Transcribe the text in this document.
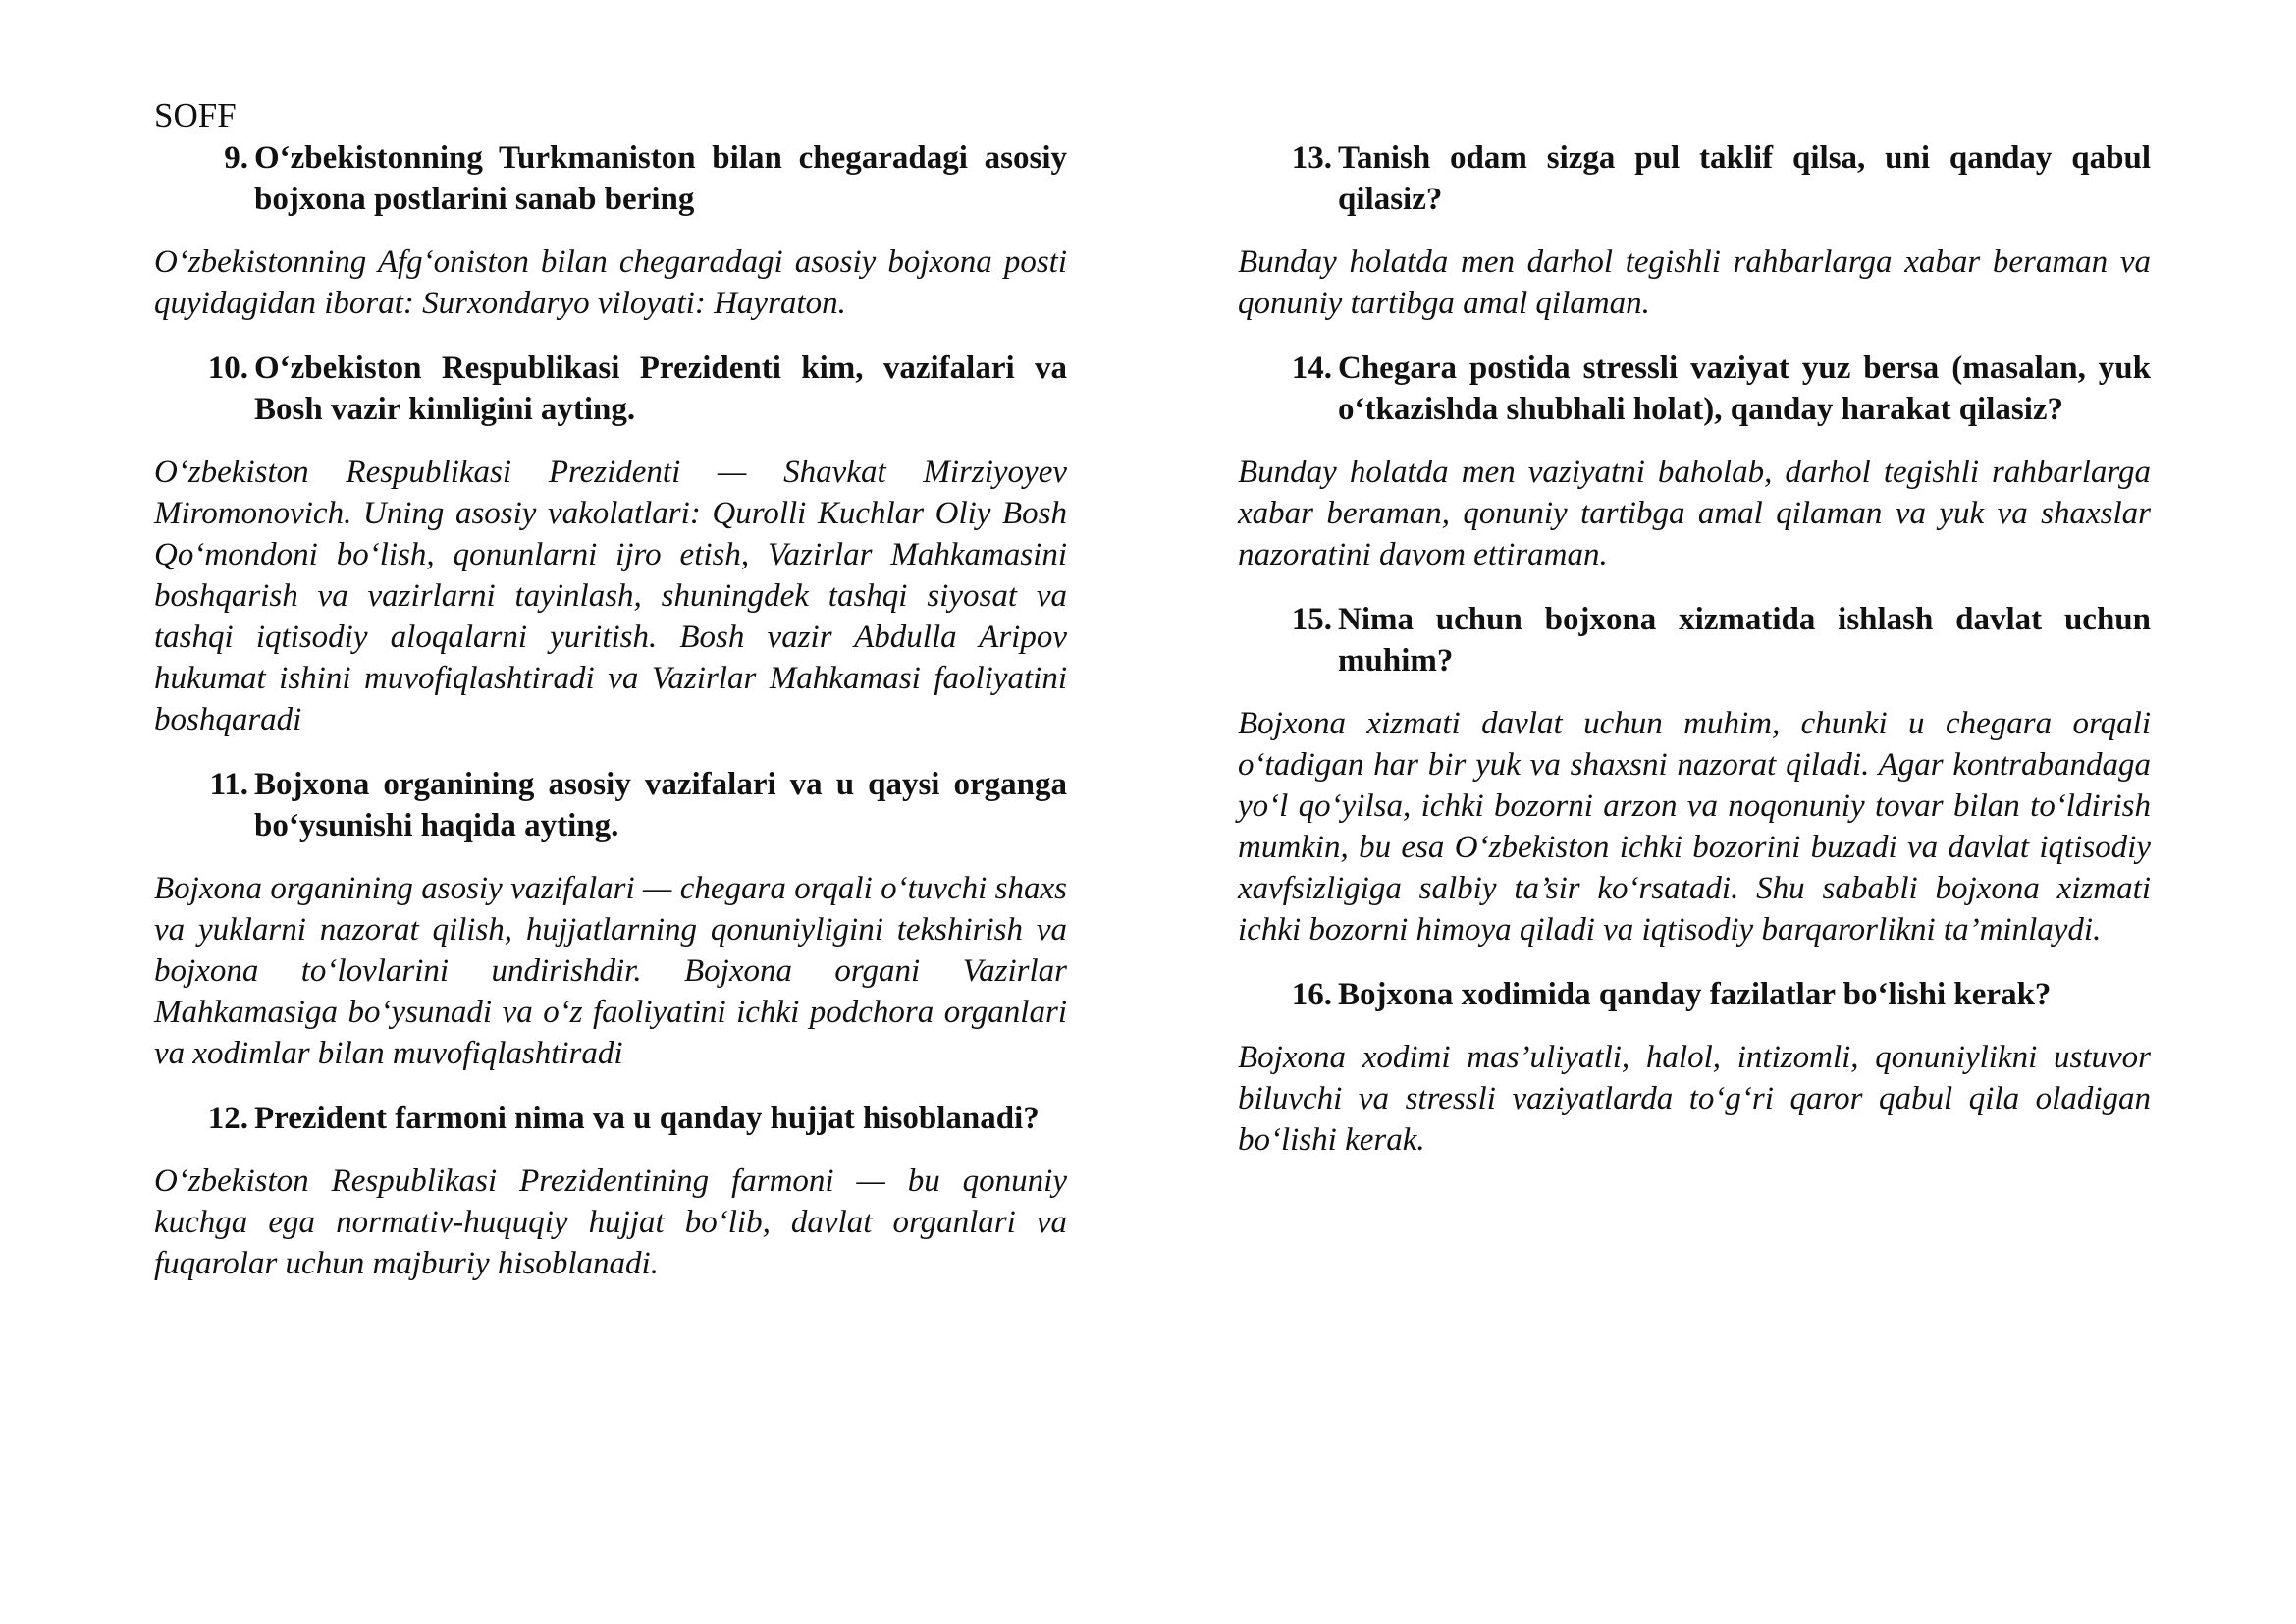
SOFF
9. O‘zbekistonning Turkmaniston bilan chegaradagi asosiy bojxona postlarini sanab bering

O‘zbekistonning Afg‘oniston bilan chegaradagi asosiy bojxona posti quyidagidan iborat: Surxondaryo viloyati: Hayraton.

10. O‘zbekiston Respublikasi Prezidenti kim, vazifalari va Bosh vazir kimligini ayting.

O‘zbekiston Respublikasi Prezidenti — Shavkat Mirziyoyev Miromonovich. Uning asosiy vakolatlari: Qurolli Kuchlar Oliy Bosh Qo‘mondoni bo‘lish, qonunlarni ijro etish, Vazirlar Mahkamasini boshqarish va vazirlarni tayinlash, shuningdek tashqi siyosat va tashqi iqtisodiy aloqalarni yuritish. Bosh vazir Abdulla Aripov hukumat ishini muvofiqlashtiradi va Vazirlar Mahkamasi faoliyatini boshqaradi

11. Bojxona organining asosiy vazifalari va u qaysi organga bo‘ysunishi haqida ayting.

Bojxona organining asosiy vazifalari — chegara orqali o‘tuvchi shaxs va yuklarni nazorat qilish, hujjatlarning qonuniyligini tekshirish va bojxona to‘lovlarini undirishdir. Bojxona organi Vazirlar Mahkamasiga bo‘ysunadi va o‘z faoliyatini ichki podchora organlari va xodimlar bilan muvofiqlashtiradi

12. Prezident farmoni nima va u qanday hujjat hisoblanadi?

O‘zbekiston Respublikasi Prezidentining farmoni — bu qonuniy kuchga ega normativ-huquqiy hujjat bo‘lib, davlat organlari va fuqarolar uchun majburiy hisoblanadi.

13. Tanish odam sizga pul taklif qilsa, uni qanday qabul qilasiz?

Bunday holatda men darhol tegishli rahbarlarga xabar beraman va qonuniy tartibga amal qilaman.

14. Chegara postida stressli vaziyat yuz bersa (masalan, yuk o‘tkazishda shubhali holat), qanday harakat qilasiz?

Bunday holatda men vaziyatni baholab, darhol tegishli rahbarlarga xabar beraman, qonuniy tartibga amal qilaman va yuk va shaxslar nazoratini davom ettiraman.

15. Nima uchun bojxona xizmatida ishlash davlat uchun muhim?

Bojxona xizmati davlat uchun muhim, chunki u chegara orqali o‘tadigan har bir yuk va shaxsni nazorat qiladi. Agar kontrabandaga yo‘l qo‘yilsa, ichki bozorni arzon va noqonuniy tovar bilan to‘ldirish mumkin, bu esa O‘zbekiston ichki bozorini buzadi va davlat iqtisodiy xavfsizligiga salbiy ta’sir ko‘rsatadi. Shu sababli bojxona xizmati ichki bozorni himoya qiladi va iqtisodiy barqarorlikni ta’minlaydi.

16. Bojxona xodimida qanday fazilatlar bo‘lishi kerak?

Bojxona xodimi mas’uliyatli, halol, intizomli, qonuniylikni ustuvor biluvchi va stressli vaziyatlarda to‘g‘ri qaror qabul qila oladigan bo‘lishi kerak.
